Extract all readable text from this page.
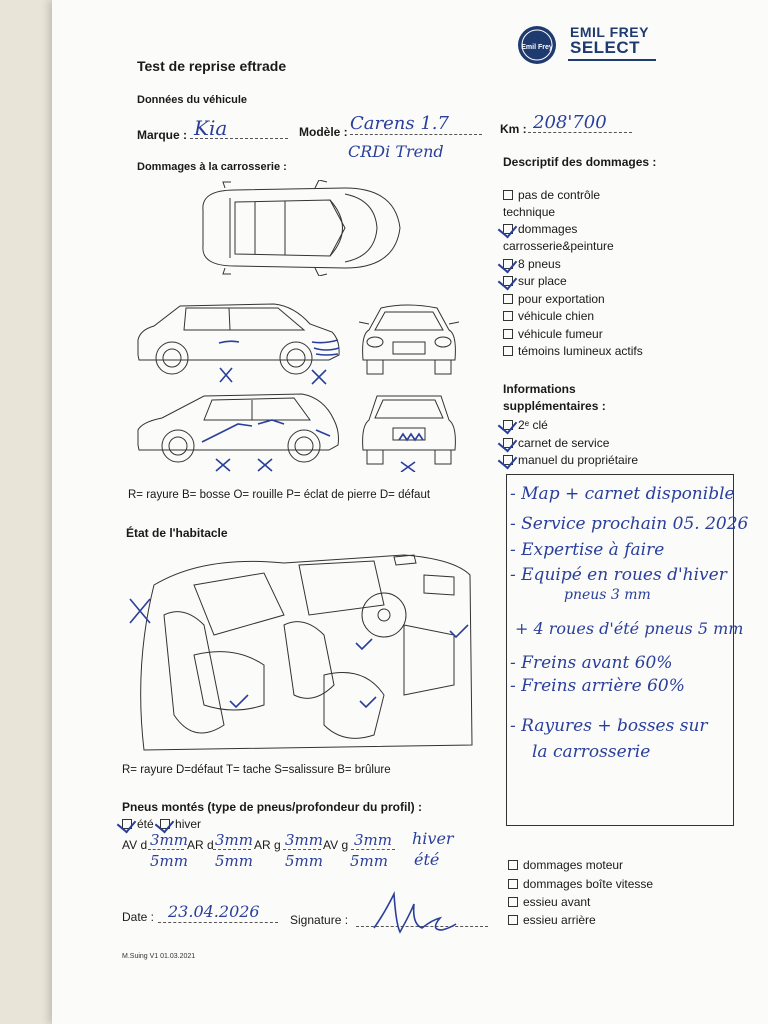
Test de reprise eftrade
EMIL FREY
SELECT
Emil Frey
Données du véhicule
Marque : Kia	Modèle : Carens 1.7
CRDi Trend
Km : 208'700
Dommages à la carrosserie :
R= rayure B= bosse O= rouille P= éclat de pierre D= défaut
Descriptif des dommages :
pas de contrôle
technique
dommages
carrosserie&peinture
8 pneus
sur place
pour exportation
véhicule chien
véhicule fumeur
témoins lumineux actifs
Informations
supplémentaires :
2ᵉ clé
carnet de service
manuel du propriétaire
- Map + carnet disponible
- Service prochain 05. 2026
- Expertise à faire
- Equipé en roues d'hiver
pneus 3 mm
+ 4 roues d'été pneus 5 mm
- Freins avant 60%
- Freins arrière 60%
- Rayures + bosses sur
la carrosserie
État de l'habitacle
R= rayure D=défaut T= tache S=salissure B= brûlure
Pneus montés (type de pneus/profondeur du profil) :
été hiver
AV d 3mm AR d 3mm AR g 3mm AV g 3mm hiver
5mm 5mm 5mm 5mm été	dommages moteur
dommages boîte vitesse
essieu avant
essieu arrière
Date : 23.04.2026	Signature :
M.Suing V1 01.03.2021
